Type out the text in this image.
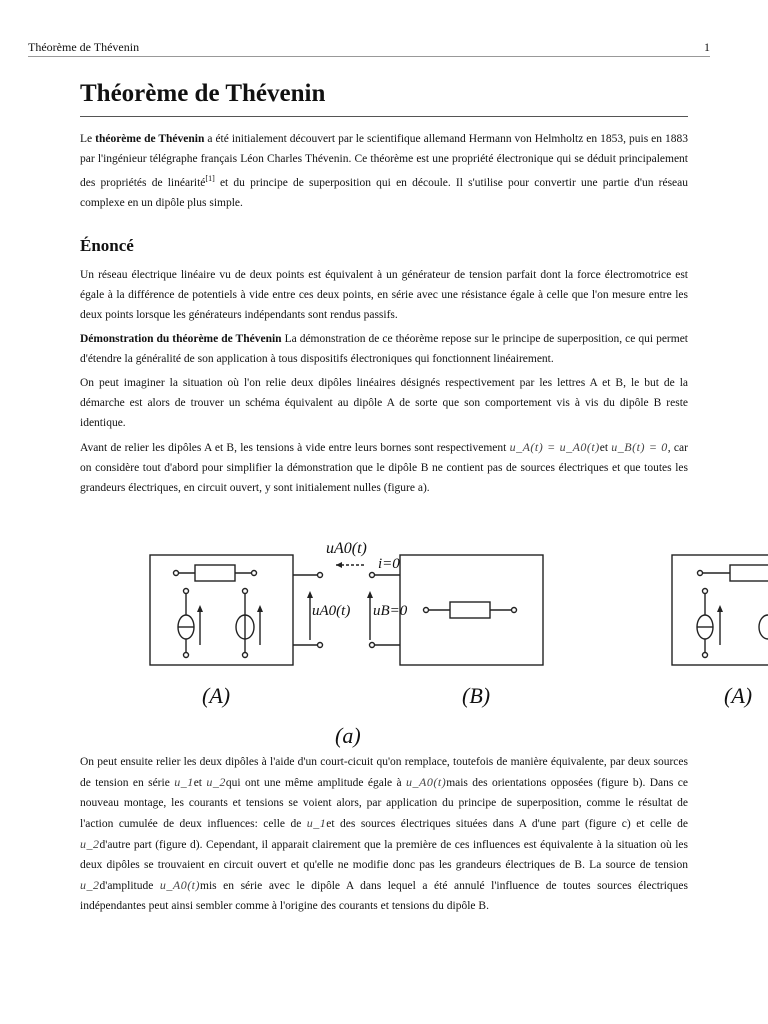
Théorème de Thévenin	1
Théorème de Thévenin

Le théorème de Thévenin a été initialement découvert par le scientifique allemand Hermann von Helmholtz en 1853, puis en 1883 par l'ingénieur télégraphe français Léon Charles Thévenin. Ce théorème est une propriété électronique qui se déduit principalement des propriétés de linéarité[1] et du principe de superposition qui en découle. Il s'utilise pour convertir une partie d'un réseau complexe en un dipôle plus simple.

Énoncé

Un réseau électrique linéaire vu de deux points est équivalent à un générateur de tension parfait dont la force électromotrice est égale à la différence de potentiels à vide entre ces deux points, en série avec une résistance égale à celle que l'on mesure entre les deux points lorsque les générateurs indépendants sont rendus passifs.

Démonstration du théorème de Thévenin La démonstration de ce théorème repose sur le principe de superposition, ce qui permet d'étendre la généralité de son application à tous dispositifs électroniques qui fonctionnent linéairement.

On peut imaginer la situation où l'on relie deux dipôles linéaires désignés respectivement par les lettres A et B, le but de la démarche est alors de trouver un schéma équivalent au dipôle A de sorte que son comportement vis à vis du dipôle B reste identique.

Avant de relier les dipôles A et B, les tensions à vide entre leurs bornes sont respectivement u_A(t) = u_A0(t)et u_B(t) = 0, car on considère tout d'abord pour simplifier la démonstration que le dipôle B ne contient pas de sources électriques et que toutes les grandeurs électriques, en circuit ouvert, y sont initialement nulles (figure a).

uA0(t)
i=0
uA0(t) uB=0
(A)	(B)
(a)
(A)

On peut ensuite relier les deux dipôles à l'aide d'un court-cicuit qu'on remplace, toutefois de manière équivalente, par deux sources de tension en série u_1et u_2qui ont une même amplitude égale à u_A0(t)mais des orientations opposées (figure b). Dans ce nouveau montage, les courants et tensions se voient alors, par application du principe de superposition, comme le résultat de l'action cumulée de deux influences: celle de u_1et des sources électriques situées dans A d'une part (figure c) et celle de u_2d'autre part (figure d). Cependant, il apparait clairement que la première de ces influences est équivalente à la situation où les deux dipôles se trouvaient en circuit ouvert et qu'elle ne modifie donc pas les grandeurs électriques de B. La source de tension u_2d'amplitude u_A0(t)mis en série avec le dipôle A dans lequel a été annulé l'influence de toutes sources électriques indépendantes peut ainsi sembler comme à l'origine des courants et tensions du dipôle B.
